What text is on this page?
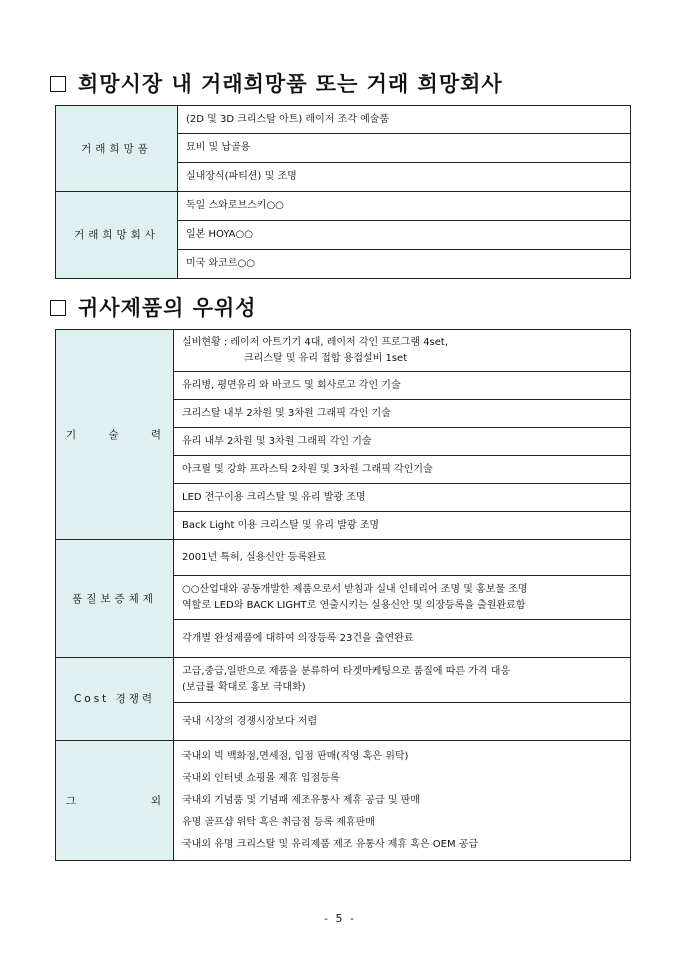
희망시장 내 거래희망품 또는 거래 희망회사
거래희망품	(2D 및 3D 크리스탈 아트) 레이저 조각 예술품
	묘비 및 납골용
	실내장식(파티션) 및 조명
거래희망회사	독일 스와로브스키○○
	일본 HOYA○○
	미국 와코르○○
귀사제품의 우위성
기 술 력	실비현황 : 레이저 아트기기 4대, 레이저 각인 프로그램 4set,
크리스탈 및 유리 접합 용접설비 1set

	유리병, 평면유리 와 바코드 및 회사로고 각인 기술
	크리스탈 내부 2차원 및 3차원 그래픽 각인 기술
	유리 내부 2차원 및 3차원 그래픽 각인 기술
	아크릴 및 강화 프라스틱 2차원 및 3차원 그래픽 각인기술
	LED 전구이용 크리스탈 및 유리 발광 조명
	Back Light 이용 크리스탈 및 유리 발광 조명
품질보증체제	2001년 특허, 실용신안 등록완료

	○○산업대와 공동개발한 제품으로서 받침과 실내 인테리어 조명 및 홍보물 조명
역할로 LED와 BACK LIGHT로 연출시키는 실용신안 및 의장등록을 출원완료함

	각개별 완성제품에 대하여 의장등록 23건을 출연완료
Cost 경쟁력	고급,중급,일반으로 제품을 분류하여 타겟마케팅으로 품질에 따른 가격 대응
(보급률 확대로 홍보 극대화)

	국내 시장의 경쟁시장보다 저렴

그 외	국내외 빅 백화점,면세점, 입점 판매(직영 혹은 위탁)
국내외 인터넷 쇼핑몰 제휴 입점등록
국내외 기념품 및 기념패 제조유통사 제휴 공급 및 판매
유명 골프샵 위탁 혹은 취급점 등록 제휴판매
국내외 유명 크리스탈 및 유리제품 제조 유통사 제휴 혹은 OEM 공급
- 5 -
